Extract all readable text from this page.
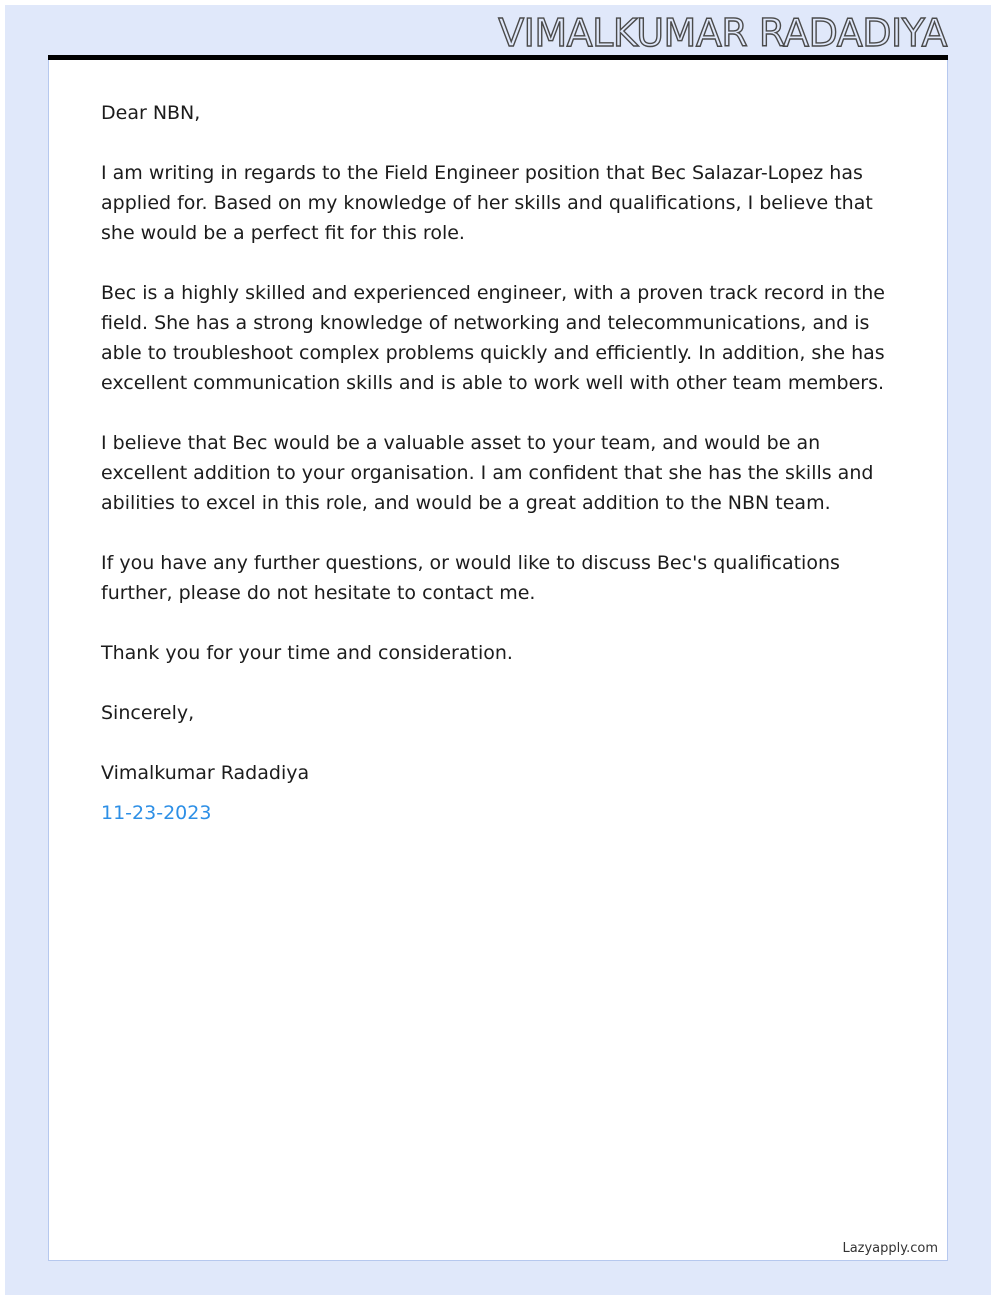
VIMALKUMAR RADADIYA

Dear NBN,

I am writing in regards to the Field Engineer position that Bec Salazar-Lopez has applied for. Based on my knowledge of her skills and qualifications, I believe that she would be a perfect fit for this role.

Bec is a highly skilled and experienced engineer, with a proven track record in the field. She has a strong knowledge of networking and telecommunications, and is able to troubleshoot complex problems quickly and efficiently. In addition, she has excellent communication skills and is able to work well with other team members.

I believe that Bec would be a valuable asset to your team, and would be an excellent addition to your organisation. I am confident that she has the skills and abilities to excel in this role, and would be a great addition to the NBN team.

If you have any further questions, or would like to discuss Bec's qualifications further, please do not hesitate to contact me.

Thank you for your time and consideration.

Sincerely,

Vimalkumar Radadiya

11-23-2023

Lazyapply.com
